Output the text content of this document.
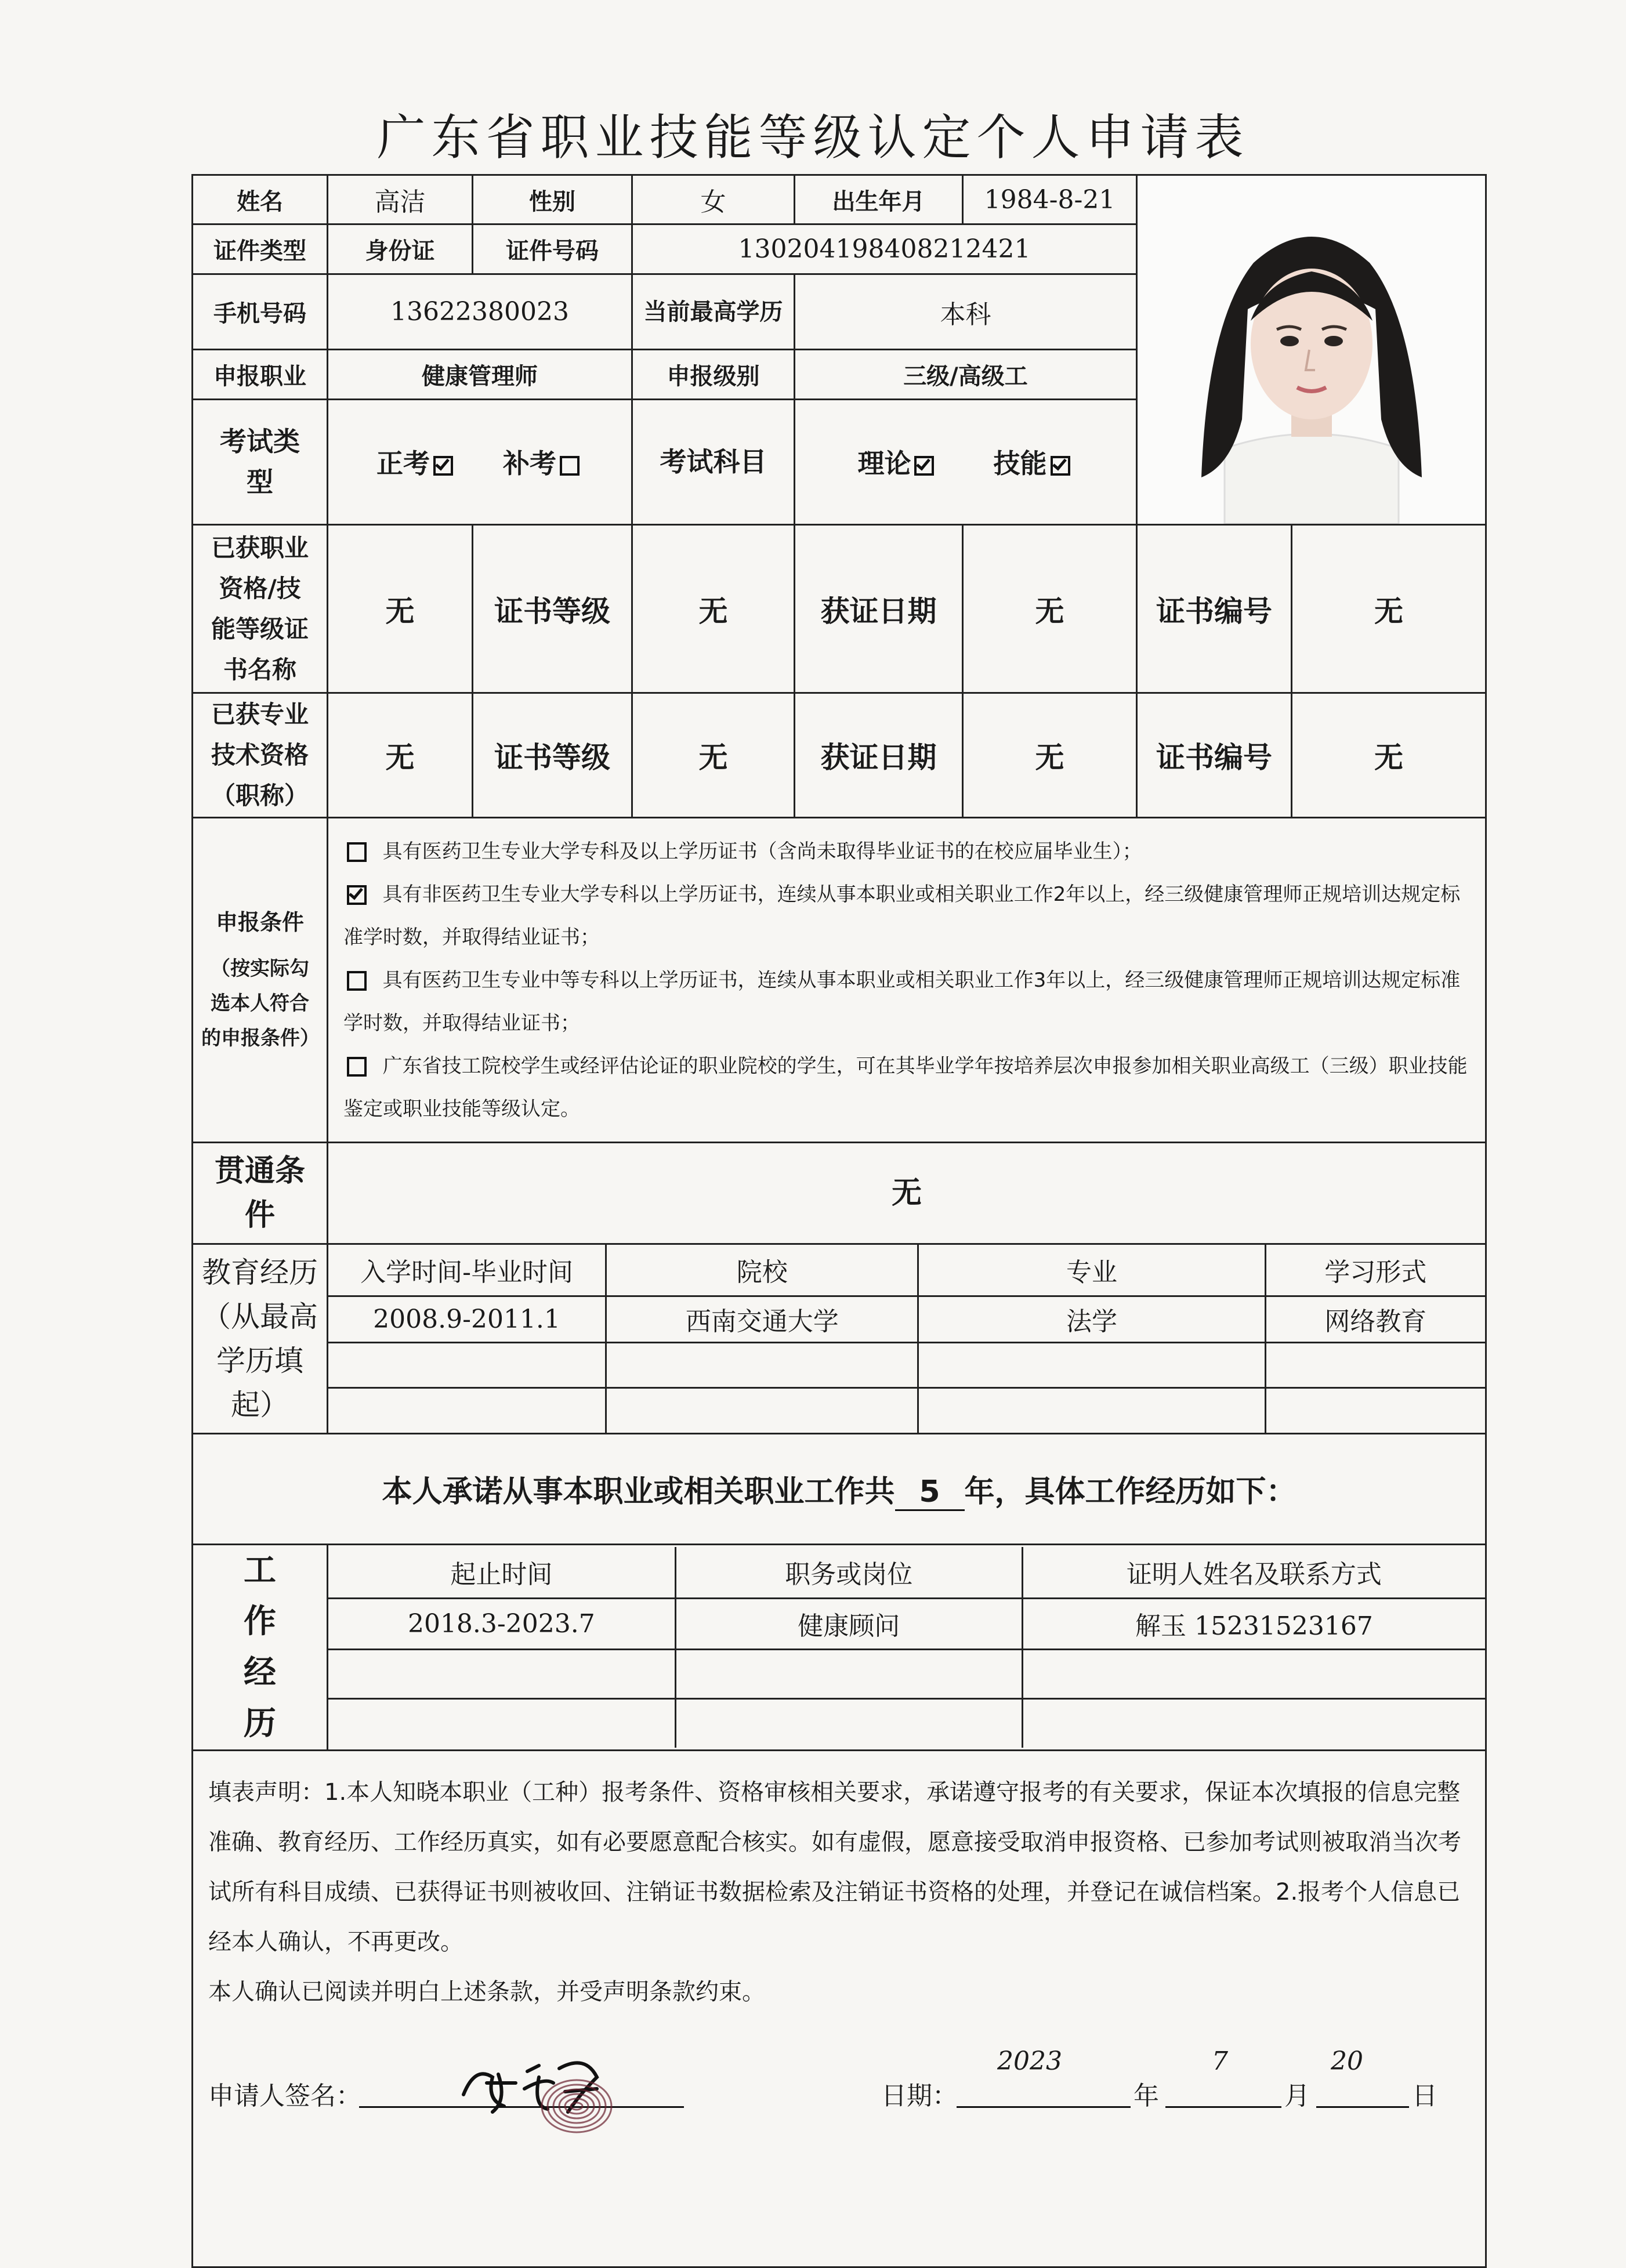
广东省职业技能等级认定个人申请表
姓名	高洁	性别	女	出生年月	1984-8-21	

证件类型	身份证	证件号码	130204198408212421
手机号码	13622380023	当前最高学历	本科
申报职业	健康管理师	申报级别	三级/高级工
考试类型	正考	补考	考试科目	理论	技能
已获职业资格/技能等级证书名称	无	证书等级	无	获证日期	无	证书编号	无
已获专业技术资格（职称）	无	证书等级	无	获证日期	无	证书编号	无

申报条件
（按实际勾选本人符合的申报条件）

具有医药卫生专业大学专科及以上学历证书（含尚未取得毕业证书的在校应届毕业生）；
具有非医药卫生专业大学专科以上学历证书，连续从事本职业或相关职业工作2年以上，经三级健康管理师正规培训达规定标准学时数，并取得结业证书；
具有医药卫生专业中等专科以上学历证书，连续从事本职业或相关职业工作3年以上，经三级健康管理师正规培训达规定标准学时数，并取得结业证书；
广东省技工院校学生或经评估论证的职业院校的学生，可在其毕业学年按培养层次申报参加相关职业高级工（三级）职业技能鉴定或职业技能等级认定。

贯通条件	无
教育经历（从最高学历填起）	
入学时间-毕业时间	院校	专业	学习形式
2008.9-2011.1	西南交通大学	法学	网络教育

本人承诺从事本职业或相关职业工作共 5 年，具体工作经历如下：
工作经历	
起止时间	职务或岗位	证明人姓名及联系方式
2018.3-2023.7	健康顾问	解玉 15231523167

填表声明：1.本人知晓本职业（工种）报考条件、资格审核相关要求，承诺遵守报考的有关要求，保证本次填报的信息完整准确、教育经历、工作经历真实，如有必要愿意配合核实。如有虚假，愿意接受取消申报资格、已参加考试则被取消当次考试所有科目成绩、已获得证书则被收回、注销证书数据检索及注销证书资格的处理，并登记在诚信档案。2.报考个人信息已经本人确认，不再更改。
本人确认已阅读并明白上述条款，并受声明条款约束。
申请人签名：	日期：
2023
年
7
月
20
日
